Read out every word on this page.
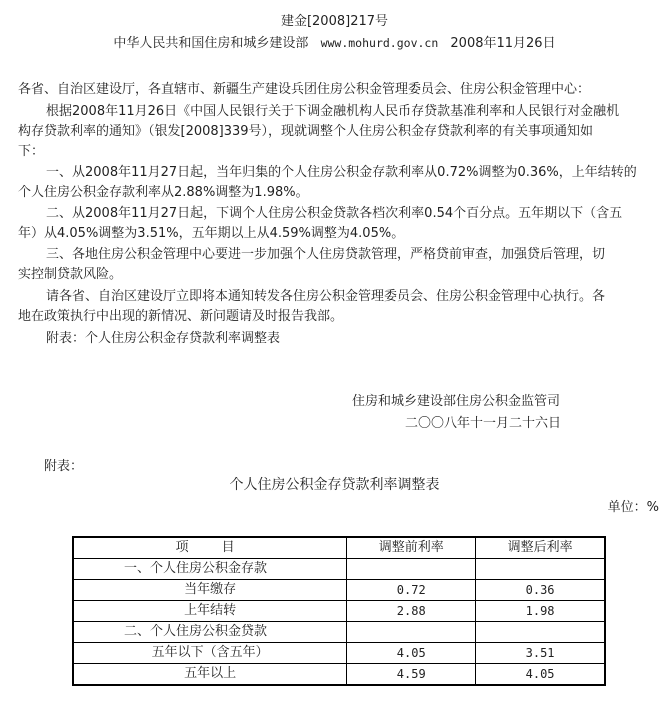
建金[2008]217号
中华人民共和国住房和城乡建设部 www.mohurd.gov.cn 2008年11月26日
各省、自治区建设厅，各直辖市、新疆生产建设兵团住房公积金管理委员会、住房公积金管理中心：
根据2008年11月26日《中国人民银行关于下调金融机构人民币存贷款基准利率和人民银行对金融机
构存贷款利率的通知》（银发[2008]339号），现就调整个人住房公积金存贷款利率的有关事项通知如
下：
一、从2008年11月27日起，当年归集的个人住房公积金存款利率从0.72%调整为0.36%，上年结转的
个人住房公积金存款利率从2.88%调整为1.98%。
二、从2008年11月27日起，下调个人住房公积金贷款各档次利率0.54个百分点。五年期以下（含五
年）从4.05%调整为3.51%，五年期以上从4.59%调整为4.05%。
三、各地住房公积金管理中心要进一步加强个人住房贷款管理，严格贷前审查，加强贷后管理，切
实控制贷款风险。
请各省、自治区建设厅立即将本通知转发各住房公积金管理委员会、住房公积金管理中心执行。各
地在政策执行中出现的新情况、新问题请及时报告我部。
附表：个人住房公积金存贷款利率调整表
住房和城乡建设部住房公积金监管司
二〇〇八年十一月二十六日
附表：
个人住房公积金存贷款利率调整表
单位：%
项　目	调整前利率	调整后利率
一、个人住房公积金存款		
当年缴存	0.72	0.36
上年结转	2.88	1.98
二、个人住房公积金贷款		
五年以下（含五年）	4.05	3.51
五年以上	4.59	4.05
